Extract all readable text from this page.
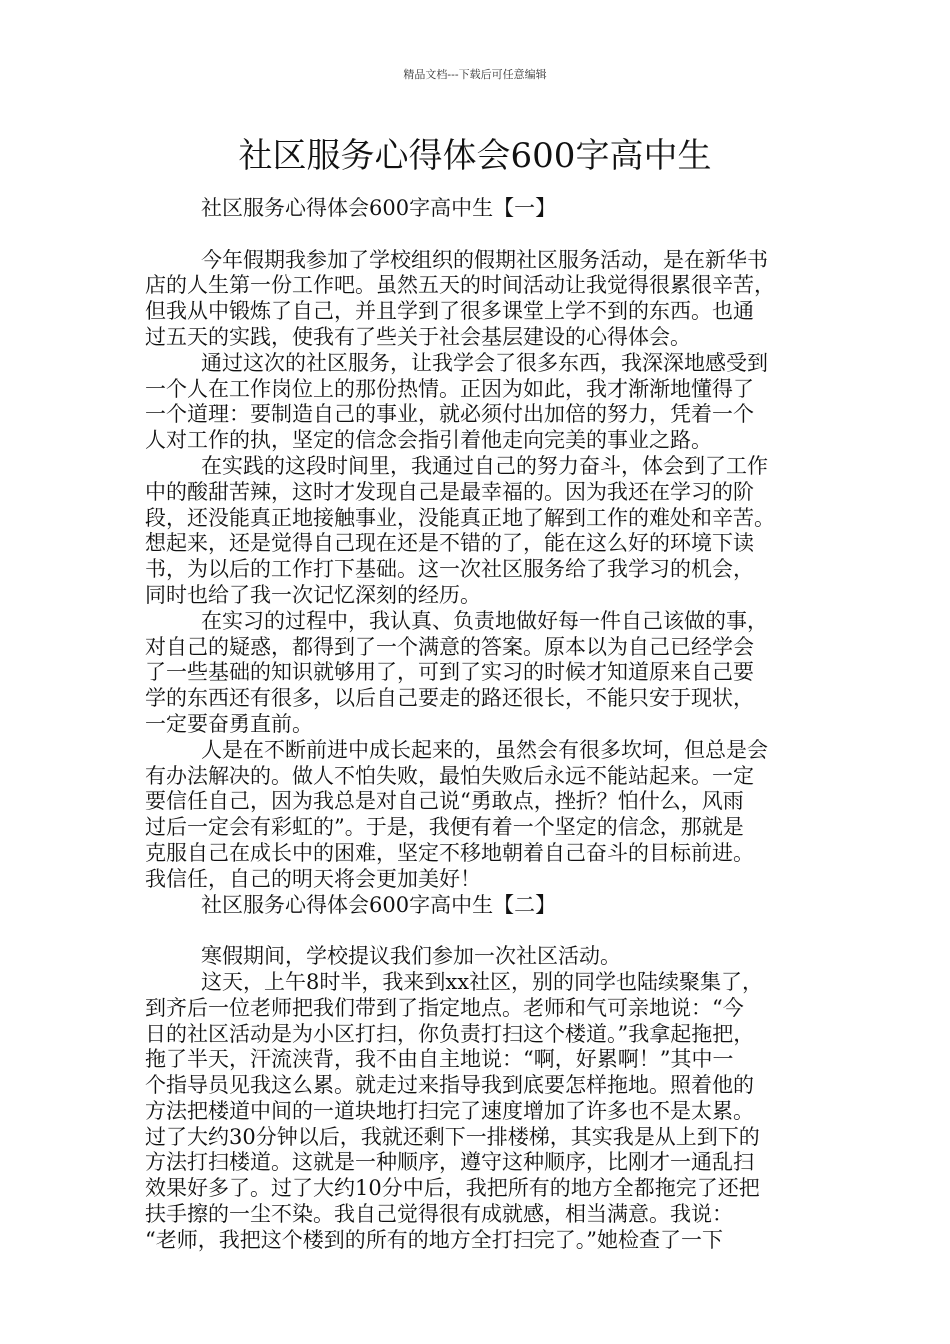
精品文档---下载后可任意编辑
社区服务心得体会600字高中生
社区服务心得体会600字高中生【一】
今年假期我参加了学校组织的假期社区服务活动，是在新华书
店的人生第一份工作吧。虽然五天的时间活动让我觉得很累很辛苦，
但我从中锻炼了自己，并且学到了很多课堂上学不到的东西。也通
过五天的实践，使我有了些关于社会基层建设的心得体会。
通过这次的社区服务，让我学会了很多东西，我深深地感受到
一个人在工作岗位上的那份热情。正因为如此，我才渐渐地懂得了
一个道理：要制造自己的事业，就必须付出加倍的努力，凭着一个
人对工作的执，坚定的信念会指引着他走向完美的事业之路。
在实践的这段时间里，我通过自己的努力奋斗，体会到了工作
中的酸甜苦辣，这时才发现自己是最幸福的。因为我还在学习的阶
段，还没能真正地接触事业，没能真正地了解到工作的难处和辛苦。
想起来，还是觉得自己现在还是不错的了，能在这么好的环境下读
书，为以后的工作打下基础。这一次社区服务给了我学习的机会，
同时也给了我一次记忆深刻的经历。
在实习的过程中，我认真、负责地做好每一件自己该做的事，
对自己的疑惑，都得到了一个满意的答案。原本以为自己已经学会
了一些基础的知识就够用了，可到了实习的时候才知道原来自己要
学的东西还有很多，以后自己要走的路还很长，不能只安于现状，
一定要奋勇直前。
人是在不断前进中成长起来的，虽然会有很多坎坷，但总是会
有办法解决的。做人不怕失败，最怕失败后永远不能站起来。一定
要信任自己，因为我总是对自己说“勇敢点，挫折？怕什么，风雨
过后一定会有彩虹的”。于是，我便有着一个坚定的信念，那就是
克服自己在成长中的困难，坚定不移地朝着自己奋斗的目标前进。
我信任，自己的明天将会更加美好！
社区服务心得体会600字高中生【二】
寒假期间，学校提议我们参加一次社区活动。
这天，上午8时半，我来到xx社区，别的同学也陆续聚集了，
到齐后一位老师把我们带到了指定地点。老师和气可亲地说：“今
日的社区活动是为小区打扫，你负责打扫这个楼道。”我拿起拖把，
拖了半天，汗流浃背，我不由自主地说：“啊，好累啊！”其中一
个指导员见我这么累。就走过来指导我到底要怎样拖地。照着他的
方法把楼道中间的一道块地打扫完了速度增加了许多也不是太累。
过了大约30分钟以后，我就还剩下一排楼梯，其实我是从上到下的
方法打扫楼道。这就是一种顺序，遵守这种顺序，比刚才一通乱扫
效果好多了。过了大约10分中后，我把所有的地方全都拖完了还把
扶手擦的一尘不染。我自己觉得很有成就感，相当满意。我说：
“老师，我把这个楼到的所有的地方全打扫完了。”她检查了一下
